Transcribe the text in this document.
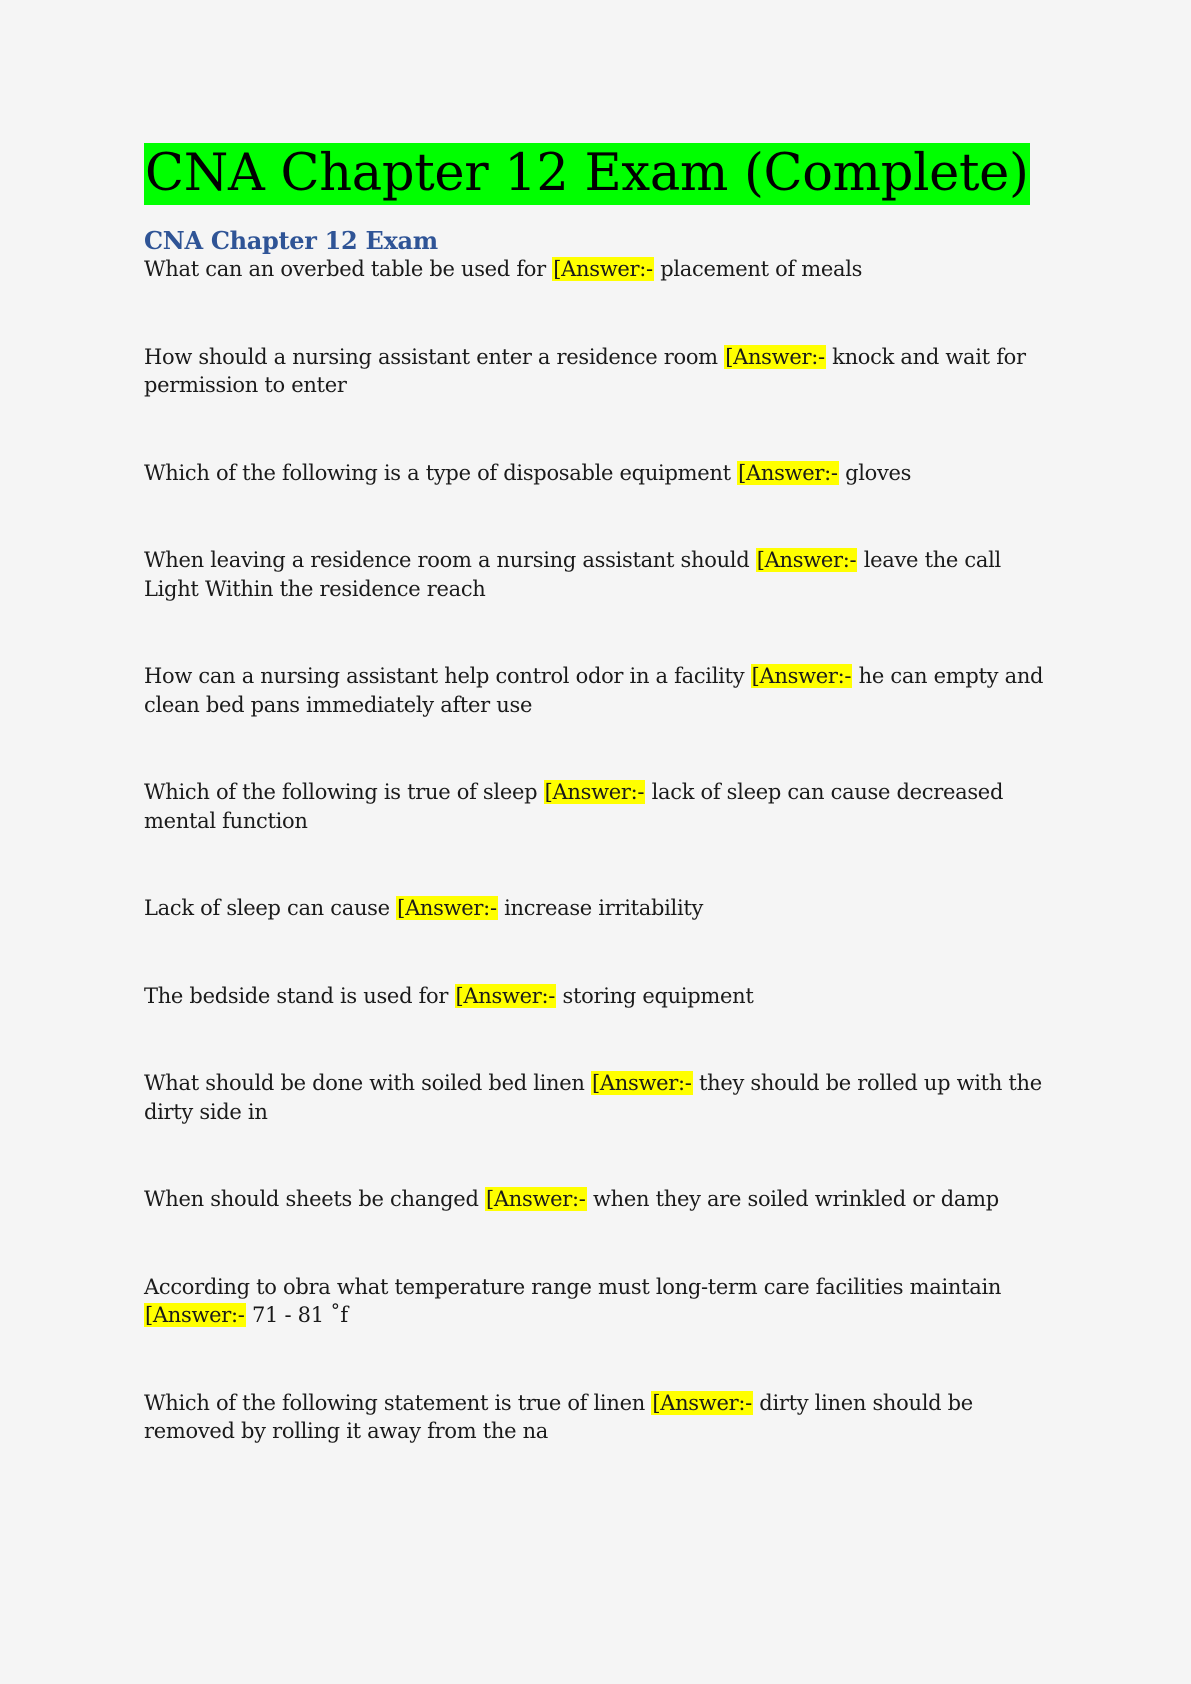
CNA Chapter 12 Exam (Complete)
CNA Chapter 12 Exam
What can an overbed table be used for [Answer:- placement of meals
How should a nursing assistant enter a residence room [Answer:- knock and wait for permission to enter
Which of the following is a type of disposable equipment [Answer:- gloves
When leaving a residence room a nursing assistant should [Answer:- leave the call Light Within the residence reach
How can a nursing assistant help control odor in a facility [Answer:- he can empty and clean bed pans immediately after use
Which of the following is true of sleep [Answer:- lack of sleep can cause decreased mental function
Lack of sleep can cause [Answer:- increase irritability
The bedside stand is used for [Answer:- storing equipment
What should be done with soiled bed linen [Answer:- they should be rolled up with the dirty side in
When should sheets be changed [Answer:- when they are soiled wrinkled or damp
According to obra what temperature range must long-term care facilities maintain [Answer:- 71 - 81 ˚f
Which of the following statement is true of linen [Answer:- dirty linen should be removed by rolling it away from the na
